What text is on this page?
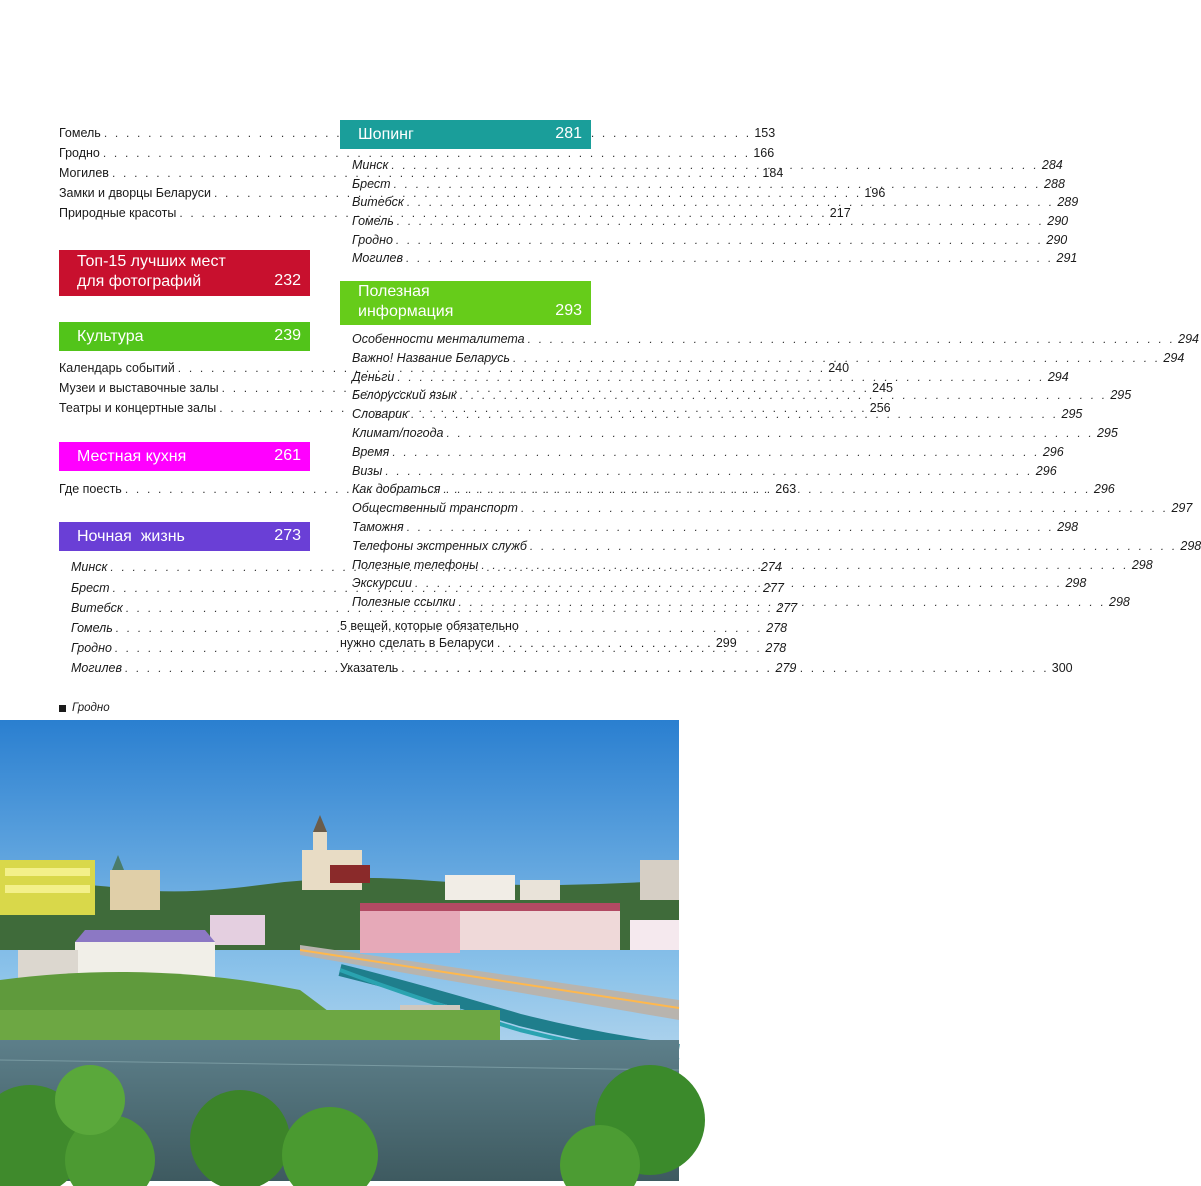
Гомель . . .	153
Гродно . . .	166
Могилев . . .	184
Замки и дворцы Беларуси . . .	196
Природные красоты . . .	217
Топ-15 лучших мест
для фотографий	232
Культура	239
Календарь событий . . .	240
Музеи и выставочные залы . . .	245
Театры и концертные залы . . .	256
Местная кухня	261
Где поесть . . .	263
Ночная  жизнь	273
Минск . . .	274
Брест . . .	277
Витебск . . .	277
Гомель . . .	278
Гродно . . .	278
Могилев . . .	279
Шопинг	281
Минск . . .	284
Брест . . .	288
Витебск . . .	289
Гомель . . .	290
Гродно . . .	290
Могилев . . .	291
Полезная
информация	293
Особенности менталитета . . .	294
Важно! Название Беларусь . . .	294
Деньги . . .	294
Белорусский язык . . .	295
Словарик . . .	295
Климат/погода . . .	295
Время . . .	296
Визы . . .	296
Как добраться . . .	296
Общественный транспорт . . .	297
Таможня . . .	298
Телефоны экстренных служб . . .	298
Полезные телефоны . . .	298
Экскурсии . . .	298
Полезные ссылки . . .	298
5 вещей, которые обязательно
нужно сделать в Беларуси . . . . . . . . . . . . . . . . . . . . 299
Указатель . . .	300
Гродно
